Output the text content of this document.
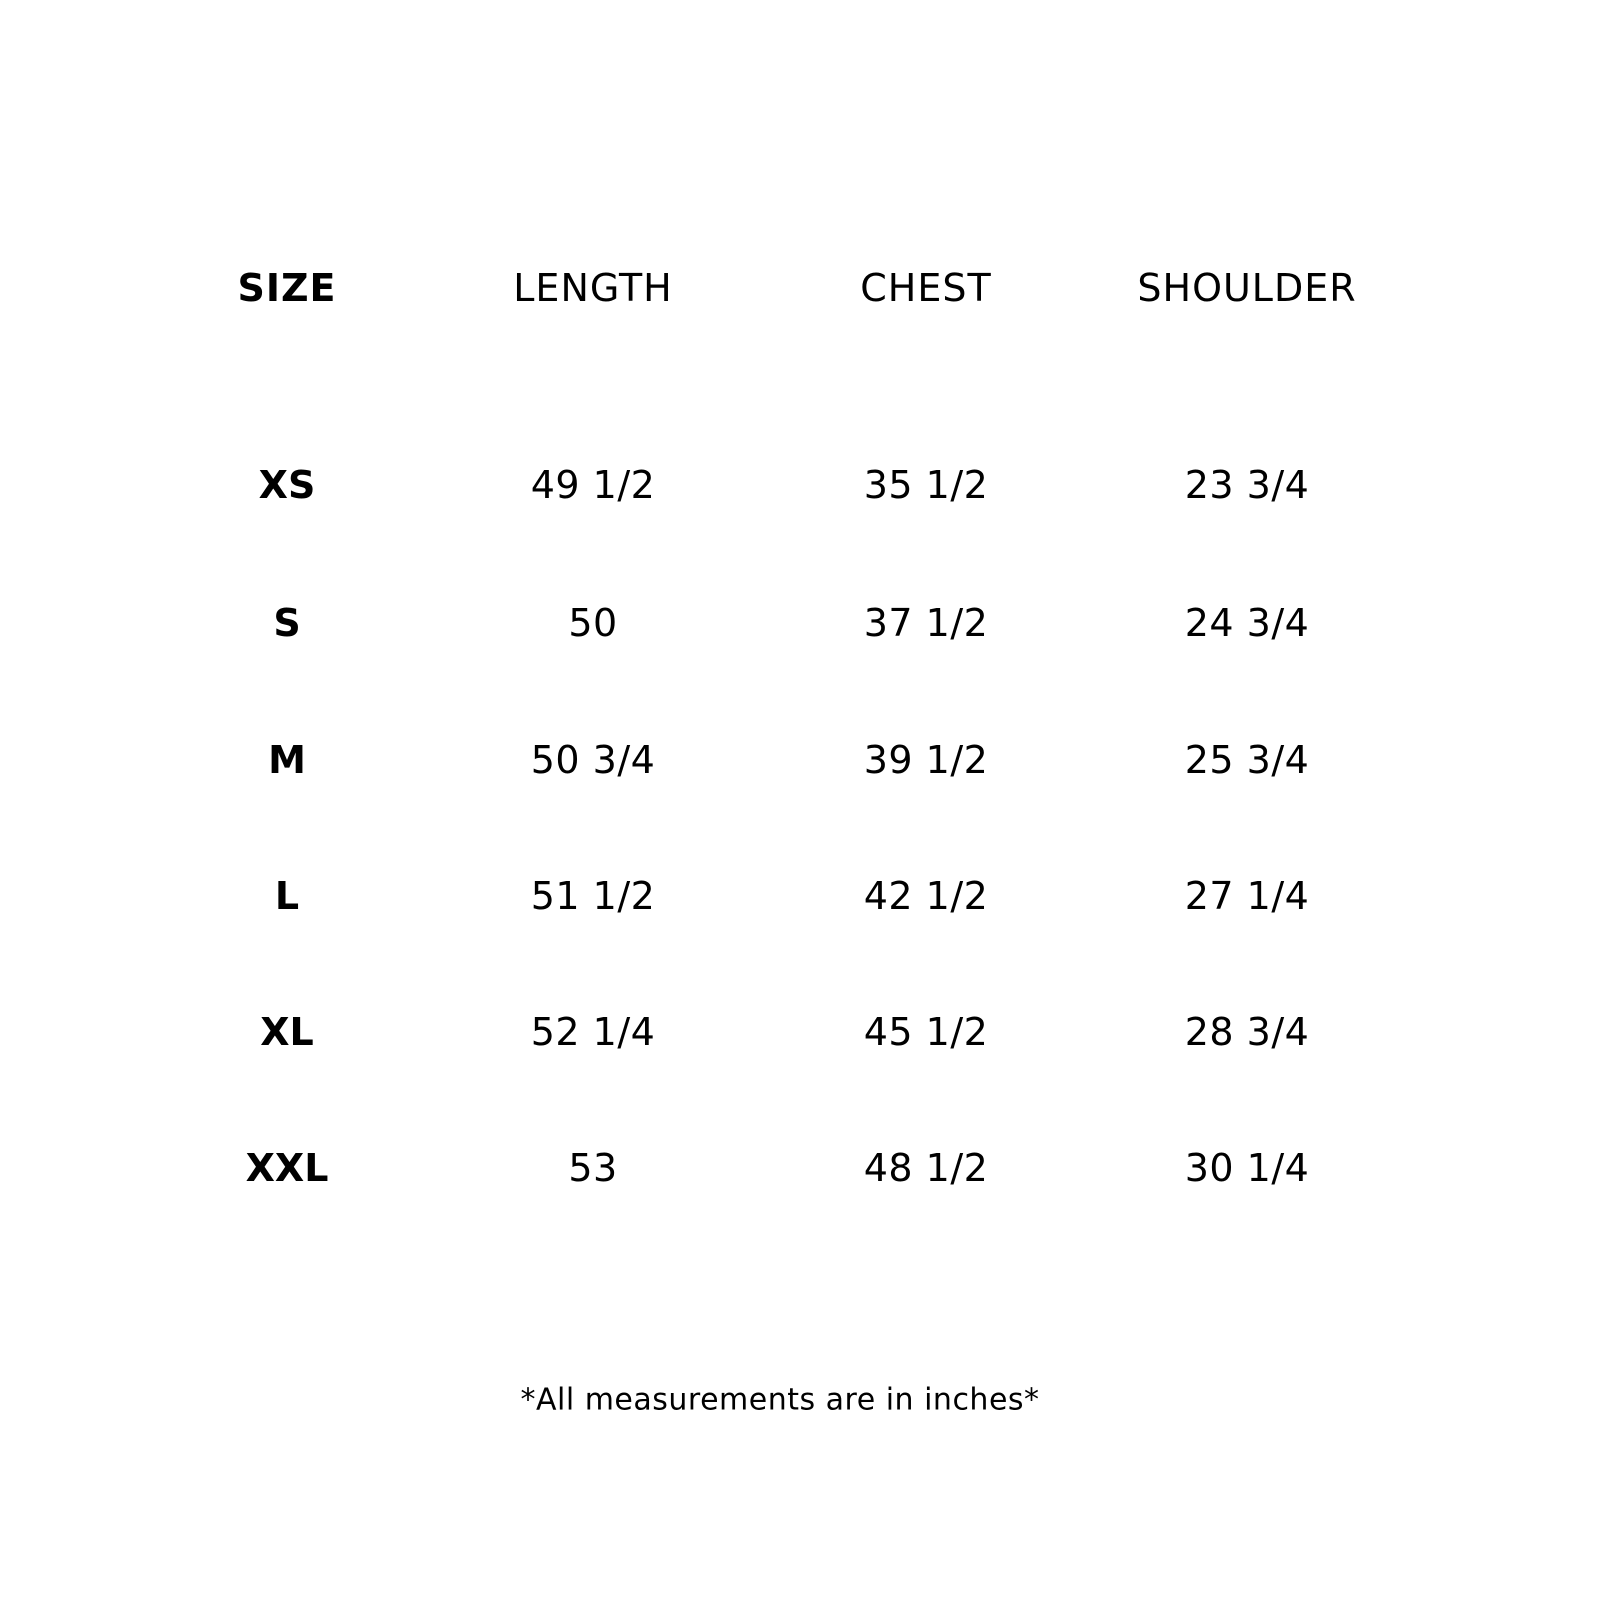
SIZE	LENGTH	CHEST	SHOULDER
XS	49 1/2	35 1/2	23 3/4
S	50	37 1/2	24 3/4
M	50 3/4	39 1/2	25 3/4
L	51 1/2	42 1/2	27 1/4
XL	52 1/4	45 1/2	28 3/4
XXL	53	48 1/2	30 1/4
*All measurements are in inches*
